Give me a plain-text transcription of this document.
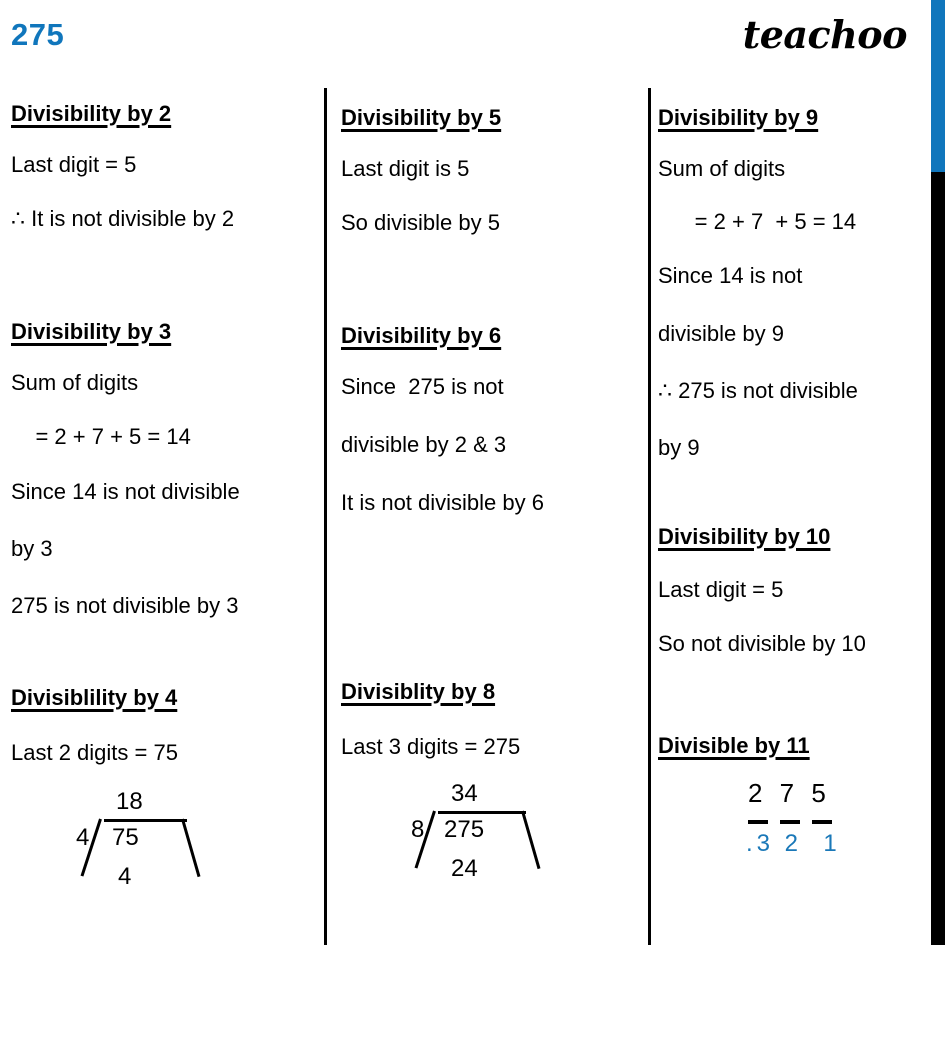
275	teachoo
Divisibility by 2
Last digit = 5
∴ It is not divisible by 2
Divisibility by 3
Sum of digits
= 2 + 7 + 5 = 14
Since 14 is not divisible
by 3
275 is not divisible by 3
Divisiblility by 4
Last 2 digits = 75

18

4

75

4

Divisibility by 5
Last digit is 5
So divisible by 5
Divisibility by 6
Since  275 is not
divisible by 2 & 3
It is not divisible by 6
Divisiblity by 8
Last 3 digits = 275

34

8

275

24

Divisibility by 9
Sum of digits
= 2 + 7  + 5 = 14
Since 14 is not
divisible by 9
∴ 275 is not divisible
by 9
Divisibility by 10
Last digit = 5
So not divisible by 10
Divisible by 11
2 7 5
.3 2  1
